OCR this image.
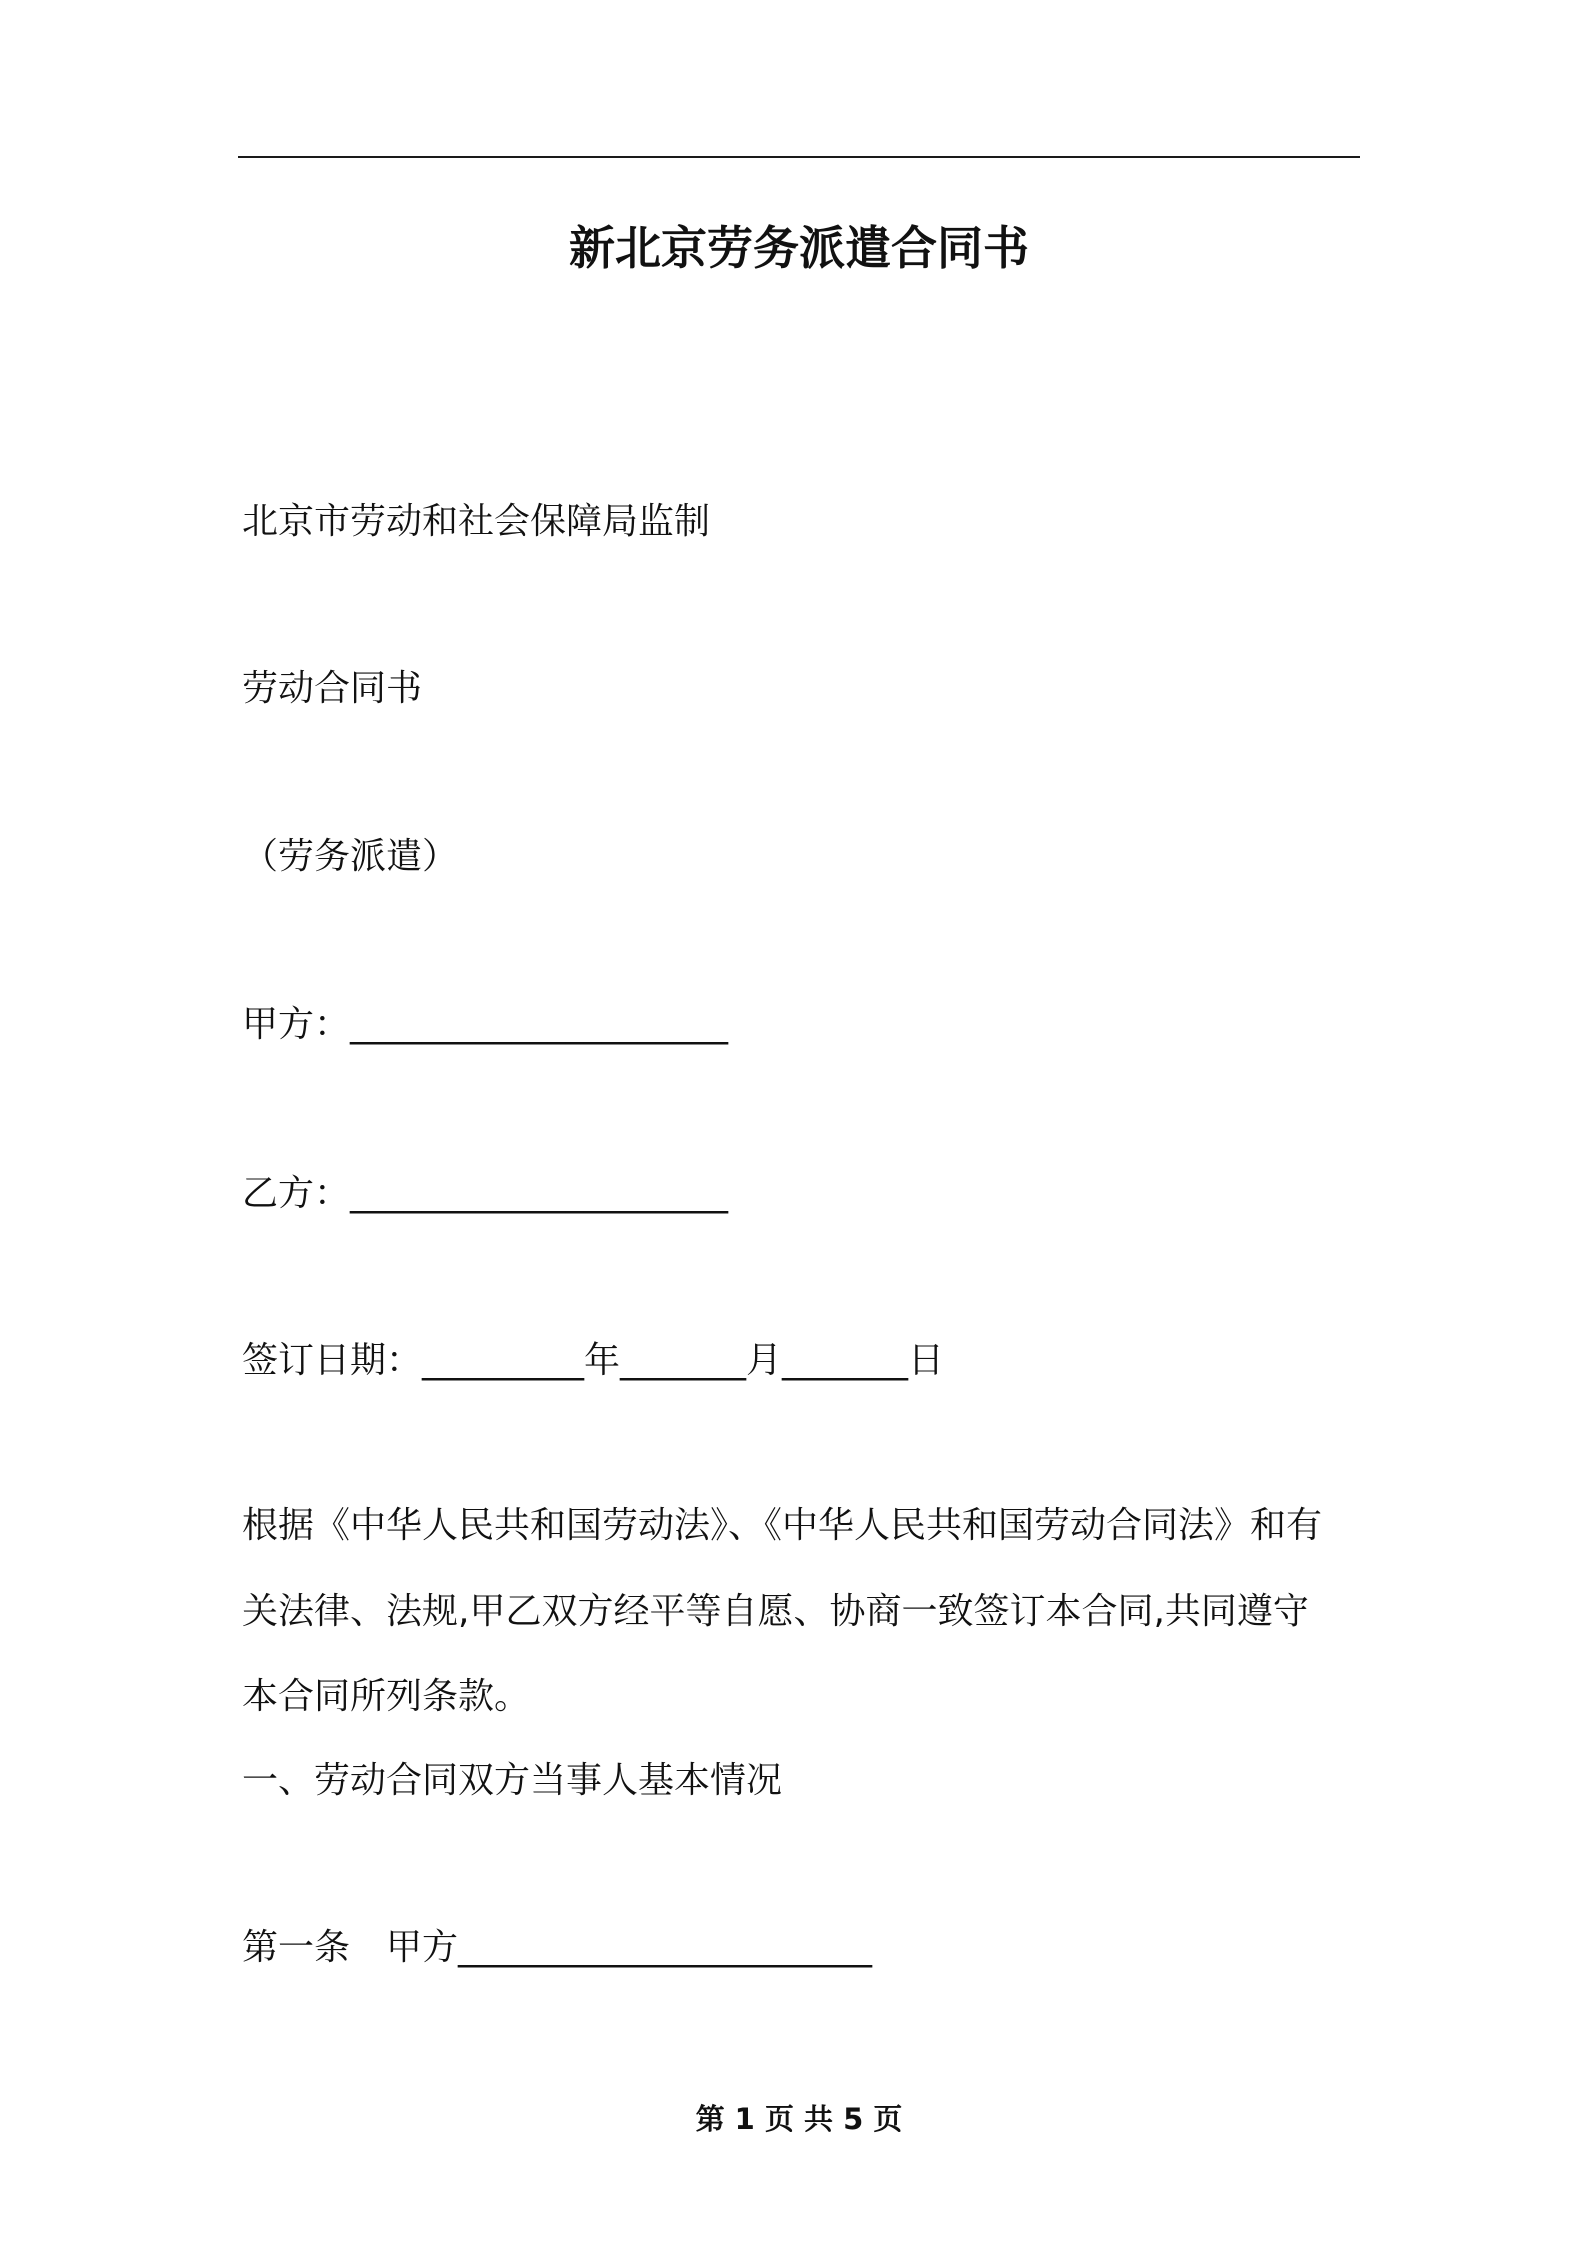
新北京劳务派遣合同书
北京市劳动和社会保障局监制
劳动合同书
（劳务派遣）
甲方：_____________________
乙方：_____________________
签订日期：_________年_______月_______日
根据《中华人民共和国劳动法》、《中华人民共和国劳动合同法》和有
关法律、法规,甲乙双方经平等自愿、协商一致签订本合同,共同遵守
本合同所列条款。
一、劳动合同双方当事人基本情况
第一条　甲方_______________________
第 1 页 共 5 页
